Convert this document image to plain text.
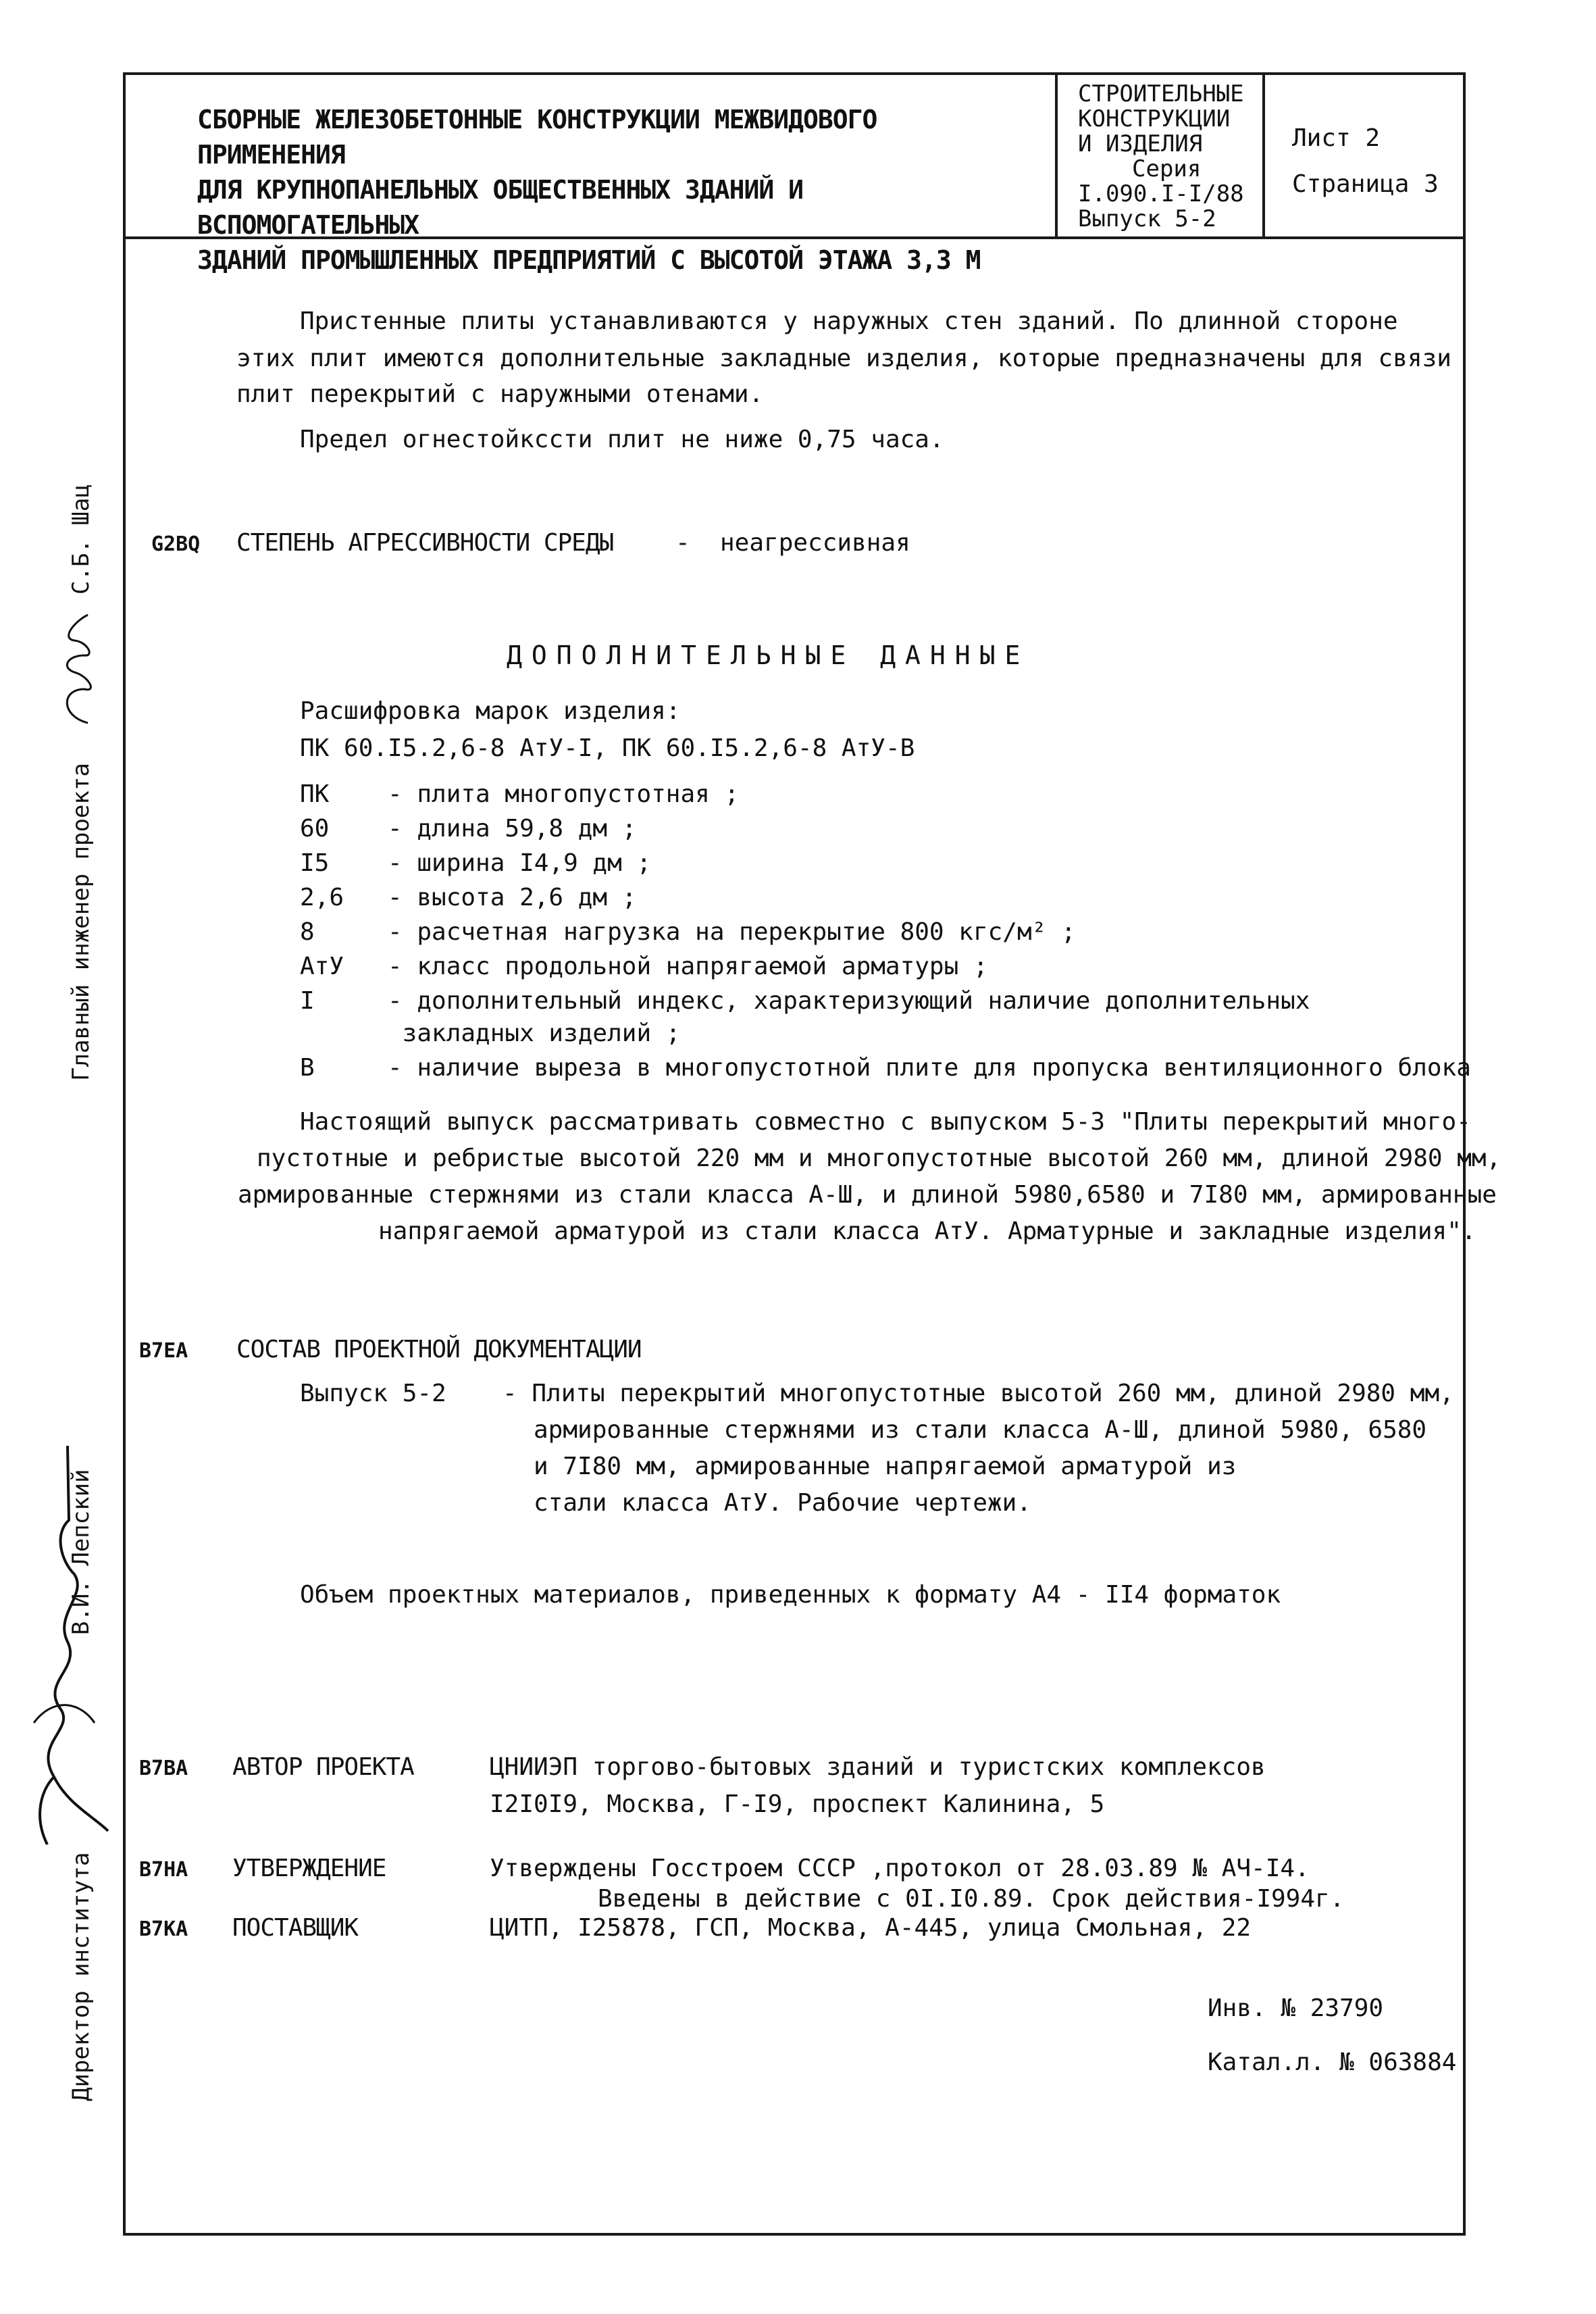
СБОРНЫЕ ЖЕЛЕЗОБЕТОННЫЕ КОНСТРУКЦИИ МЕЖВИДОВОГО ПРИМЕНЕНИЯ
ДЛЯ КРУПНОПАНЕЛЬНЫХ ОБЩЕСТВЕННЫХ ЗДАНИЙ И ВСПОМОГАТЕЛЬНЫХ
ЗДАНИЙ ПРОМЫШЛЕННЫХ ПРЕДПРИЯТИЙ С ВЫСОТОЙ ЭТАЖА 3,3 М
СТРОИТЕЛЬНЫЕ
КОНСТРУКЦИИ
И ИЗДЕЛИЯ
Серия
I.090.I-I/88
Выпуск 5-2
Лист 2
Страница 3
Пристенные плиты устанавливаются у наружных стен зданий. По длинной стороне
этих плит имеются дополнительные закладные изделия, которые предназначены для связи
плит перекрытий с наружными отенами.
Предел огнестойкссти плит не ниже 0,75 часа.
G2BQ СТЕПЕНЬ АГРЕССИВНОСТИ СРЕДЫ	- неагрессивная
ДОПОЛНИТЕЛЬНЫЕ ДАННЫЕ
Расшифровка марок изделия:
ПК 60.I5.2,6-8 АтУ-I, ПК 60.I5.2,6-8 АтУ-В
ПК - плита многопустотная ;
60 - длина 59,8 дм ;
I5 - ширина I4,9 дм ;
2,6 - высота 2,6 дм ;
8	- расчетная нагрузка на перекрытие 800 кгс/м² ;
АтУ - класс продольной напрягаемой арматуры ;
I	- дополнительный индекс, характеризующий наличие дополнительных
закладных изделий ;
В	- наличие выреза в многопустотной плите для пропуска вентиляционного блока
Настоящий выпуск рассматривать совместно с выпуском 5-3 "Плиты перекрытий много-
пустотные и ребристые высотой 220 мм и многопустотные высотой 260 мм, длиной 2980 мм,
армированные стержнями из стали класса А-Ш, и длиной 5980,6580 и 7I80 мм, армированные
напрягаемой арматурой из стали класса АтУ. Арматурные и закладные изделия".
B7EA СОСТАВ ПРОЕКТНОЙ ДОКУМЕНТАЦИИ
Выпуск 5-2 - Плиты перекрытий многопустотные высотой 260 мм, длиной 2980 мм,
армированные стержнями из стали класса А-Ш, длиной 5980, 6580
и 7I80 мм, армированные напрягаемой арматурой из
стали класса АтУ. Рабочие чертежи.
Объем проектных материалов, приведенных к формату А4 - II4 форматок
B7BA АВТОР ПРОЕКТА	ЦНИИЭП торгово-бытовых зданий и туристских комплексов
I2I0I9, Москва, Г-I9, проспект Калинина, 5
B7HA УТВЕРЖДЕНИЕ	Утверждены Госстроем СССР ,протокол от 28.03.89 № АЧ-I4.
Введены в действие с 0I.I0.89. Срок действия-I994г.
B7KA ПОСТАВЩИК	ЦИТП, I25878, ГСП, Москва, А-445, улица Смольная, 22
Инв. № 23790
Катал.л. № 063884
Главный инженер проекта
С.Б. Шац
Директор института
В.И. Лепский
